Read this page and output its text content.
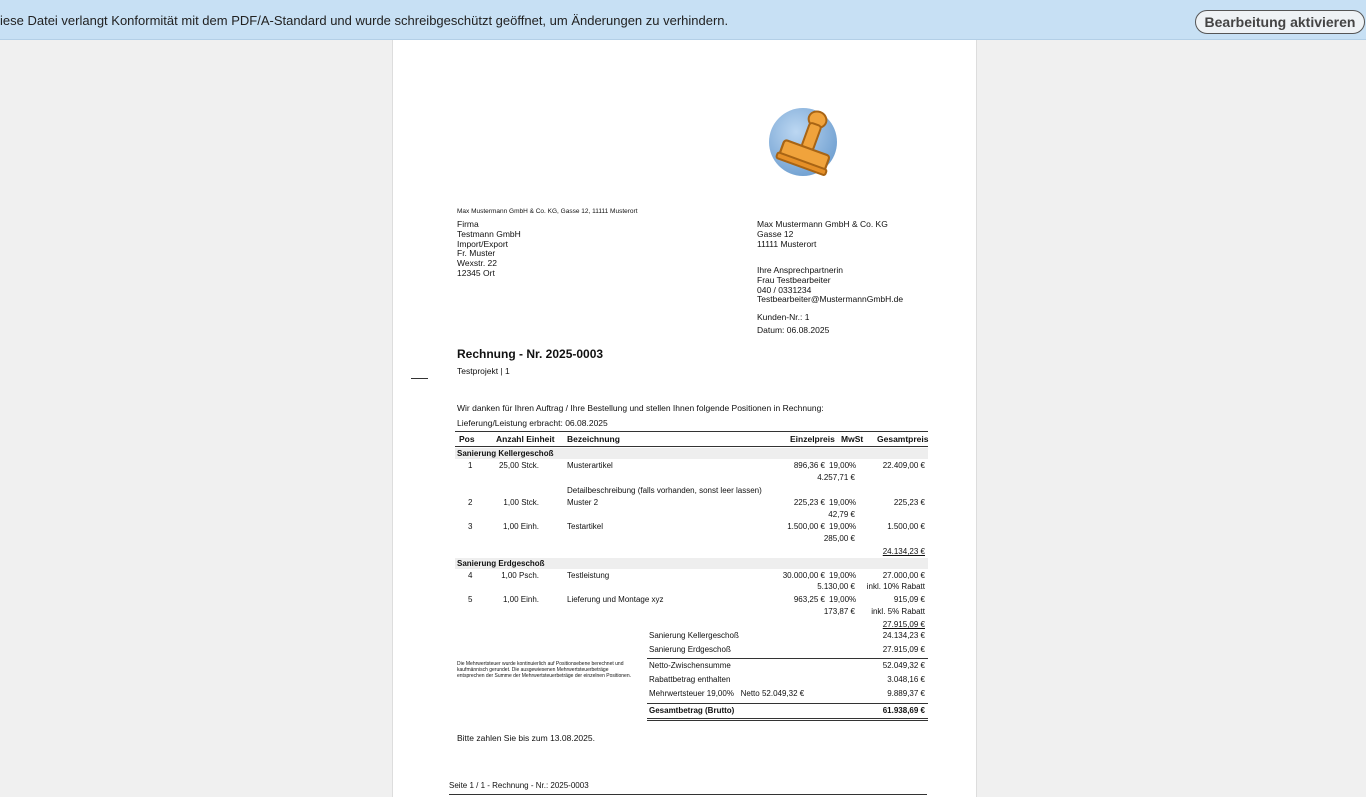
iese Datei verlangt Konformität mit dem PDF/A-Standard und wurde schreibgeschützt geöffnet, um Änderungen zu verhindern.	Bearbeitung aktivieren
Max Mustermann GmbH & Co. KG, Gasse 12, 11111 Musterort
Firma
Testmann GmbH
Import/Export
Fr. Muster
Wexstr. 22
12345 Ort
Max Mustermann GmbH & Co. KG
Gasse 12
11111 Musterort
Ihre Ansprechpartnerin
Frau Testbearbeiter
040 / 0331234
Testbearbeiter@MustermannGmbH.de
Kunden-Nr.: 1
Datum: 06.08.2025
Rechnung - Nr. 2025-0003
Testprojekt | 1
Wir danken für Ihren Auftrag / Ihre Bestellung und stellen Ihnen folgende Positionen in Rechnung:
Lieferung/Leistung erbracht: 06.08.2025
Pos	Anzahl Einheit Bezeichnung	Einzelpreis MwSt Gesamtpreis
Sanierung Kellergeschoß
1	25,00 Stck.	Musterartikel	896,36 € 19,00%	22.409,00 €
4.257,71 €
Detailbeschreibung (falls vorhanden, sonst leer lassen)
2	1,00 Stck.	Muster 2	225,23 € 19,00%	225,23 €
42,79 €
3	1,00 Einh.	Testartikel	1.500,00 € 19,00%	1.500,00 €
285,00 €
24.134,23 €
Sanierung Erdgeschoß
4	1,00 Psch.	Testleistung	30.000,00 € 19,00%	27.000,00 €
5.130,00 €	inkl. 10% Rabatt
5	1,00 Einh.	Lieferung und Montage xyz	963,25 € 19,00%	915,09 €
173,87 €	inkl. 5% Rabatt
27.915,09 €
Sanierung Kellergeschoß	24.134,23 €
Sanierung Erdgeschoß	27.915,09 €
Netto-Zwischensumme	52.049,32 €
Rabattbetrag enthalten	3.048,16 €
Mehrwertsteuer 19,00%   Netto 52.049,32 €	9.889,37 €
Gesamtbetrag (Brutto)	61.938,69 €
Die Mehrwertsteuer wurde kontinuierlich auf Positionsebene berechnet und kaufmännisch gerundet. Die ausgewiesenen Mehrwertsteuerbeträge entsprechen der Summe der Mehrwertsteuerbeträge der einzelnen Positionen.
Bitte zahlen Sie bis zum 13.08.2025.
Seite 1 / 1 - Rechnung - Nr.: 2025-0003
